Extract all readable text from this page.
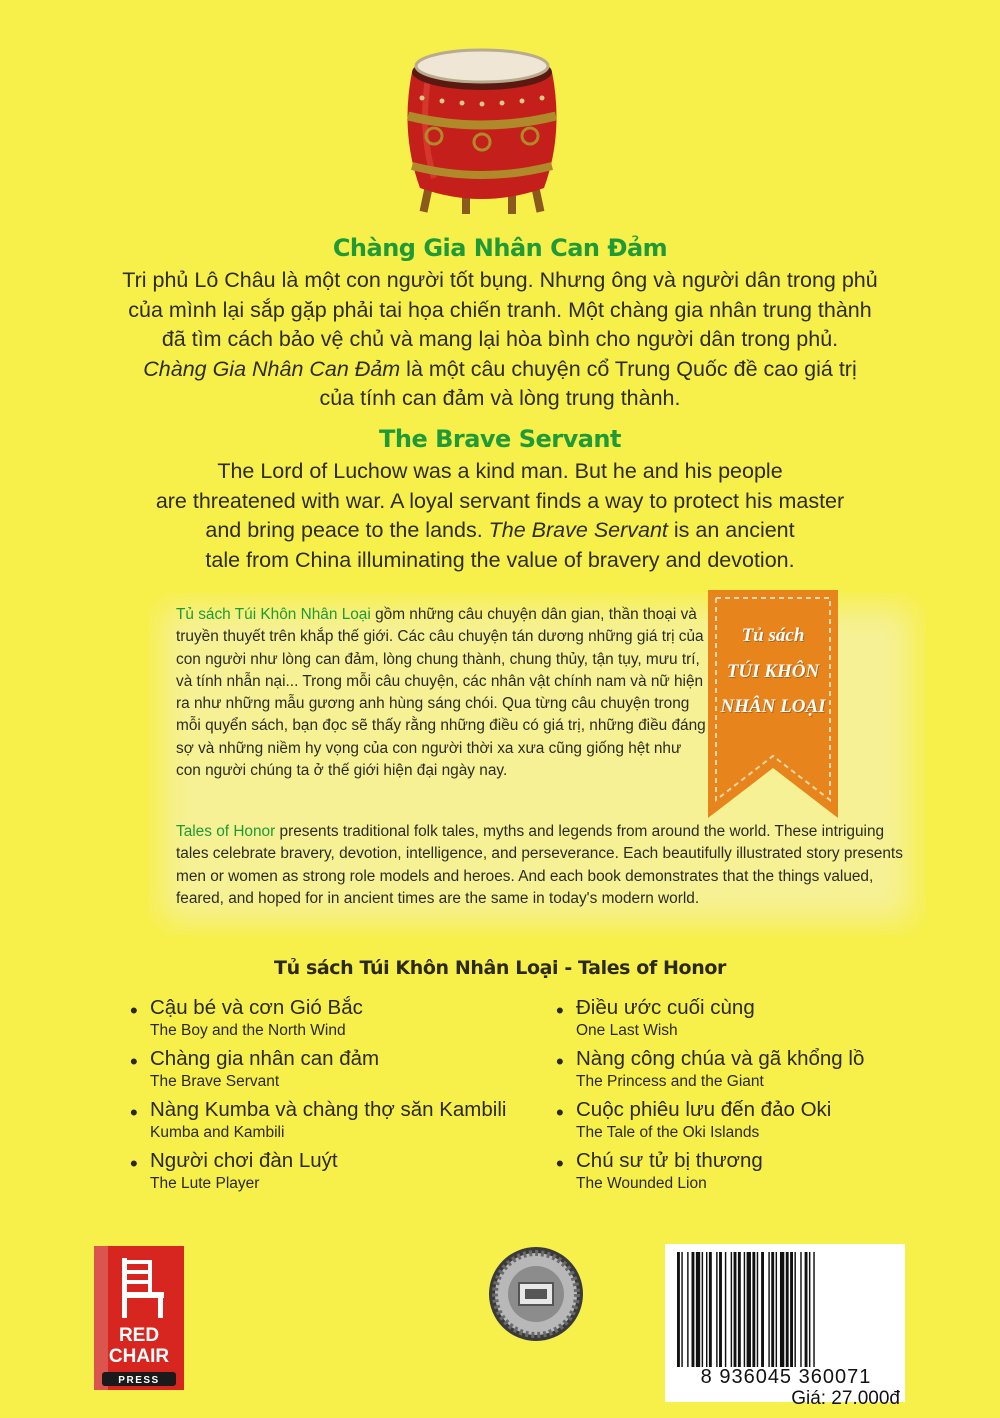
Chàng Gia Nhân Can Đảm

Tri phủ Lô Châu là một con người tốt bụng. Nhưng ông và người dân trong phủ

của mình lại sắp gặp phải tai họa chiến tranh. Một chàng gia nhân trung thành

đã tìm cách bảo vệ chủ và mang lại hòa bình cho người dân trong phủ.

Chàng Gia Nhân Can Đảm là một câu chuyện cổ Trung Quốc đề cao giá trị

của tính can đảm và lòng trung thành.

The Brave Servant

The Lord of Luchow was a kind man. But he and his people

are threatened with war. A loyal servant finds a way to protect his master

and bring peace to the lands. The Brave Servant is an ancient

tale from China illuminating the value of bravery and devotion.

Tủ sách Túi Khôn Nhân Loại gồm những câu chuyện dân gian, thần thoại và truyền thuyết trên khắp thế giới. Các câu chuyện tán dương những giá trị của con người như lòng can đảm, lòng chung thành, chung thủy, tận tụy, mưu trí, và tính nhẫn nại... Trong mỗi câu chuyện, các nhân vật chính nam và nữ hiện ra như những mẫu gương anh hùng sáng chói. Qua từng câu chuyện trong mỗi quyển sách, bạn đọc sẽ thấy rằng những điều có giá trị, những điều đáng sợ và những niềm hy vọng của con người thời xa xưa cũng giống hệt như con người chúng ta ở thế giới hiện đại ngày nay.
Tales of Honor presents traditional folk tales, myths and legends from around the world. These intriguing tales celebrate bravery, devotion, intelligence, and perseverance. Each beautifully illustrated story presents men or women as strong role models and heroes. And each book demonstrates that the things valued, feared, and hoped for in ancient times are the same in today's modern world.
Tủ sách
TÚI KHÔN
NHÂN LOẠI
Tủ sách Túi Khôn Nhân Loại - Tales of Honor
• Cậu bé và cơn Gió Bắc
The Boy and the North Wind
• Chàng gia nhân can đảm
The Brave Servant
• Nàng Kumba và chàng thợ săn Kambili
Kumba and Kambili
• Người chơi đàn Luýt
The Lute Player
• Điều ước cuối cùng
One Last Wish
• Nàng công chúa và gã khổng lồ
The Princess and the Giant
• Cuộc phiêu lưu đến đảo Oki
The Tale of the Oki Islands
• Chú sư tử bị thương
The Wounded Lion
RED
CHAIR
PRESS	8 936045 360071
Giá: 27.000đ
